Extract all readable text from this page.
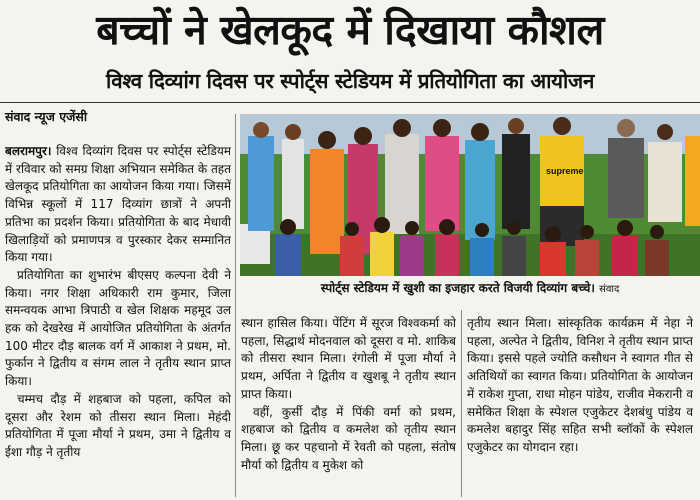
बच्चों ने खेलकूद में दिखाया कौशल
विश्व दिव्यांग दिवस पर स्पोर्ट्स स्टेडियम में प्रतियोगिता का आयोजन
संवाद न्यूज एजेंसी

बलरामपुर। विश्व दिव्यांग दिवस पर स्पोर्ट्स स्टेडियम में रविवार को समग्र शिक्षा अभियान समेकित के तहत खेलकूद प्रतियोगिता का आयोजन किया गया। जिसमें विभिन्न स्कूलों में 117 दिव्यांग छात्रों ने अपनी प्रतिभा का प्रदर्शन किया। प्रतियोगिता के बाद मेधावी खिलाड़ियों को प्रमाणपत्र व पुरस्कार देकर सम्मानित किया गया।

प्रतियोगिता का शुभारंभ बीएसए कल्पना देवी ने किया। नगर शिक्षा अधिकारी राम कुमार, जिला समन्वयक आभा त्रिपाठी व खेल शिक्षक महमूद उल हक को देखरेख में आयोजित प्रतियोगिता के अंतर्गत 100 मीटर दौड़ बालक वर्ग में आकाश ने प्रथम, मो. फुर्कान ने द्वितीय व संगम लाल ने तृतीय स्थान प्राप्त किया।

चम्मच दौड़ में शहबाज को पहला, कपिल को दूसरा और रेशम को तीसरा स्थान मिला। मेहंदी प्रतियोगिता में पूजा मौर्या ने प्रथम, उमा ने द्वितीय व ईशा गौड़ ने तृतीय

supreme
स्पोर्ट्स स्टेडियम में खुशी का इजहार करते विजयी दिव्यांग बच्चे। संवाद

स्थान हासिल किया। पेंटिंग में सूरज विश्वकर्मा को पहला, सिद्धार्थ मोदनवाल को दूसरा व मो. शाकिब को तीसरा स्थान मिला। रंगोली में पूजा मौर्या ने प्रथम, अर्पिता ने द्वितीय व खुशबू ने तृतीय स्थान प्राप्त किया।

वहीं, कुर्सी दौड़ में पिंकी वर्मा को प्रथम, शहबाज को द्वितीय व कमलेश को तृतीय स्थान मिला। छू कर पहचानो में रेवती को पहला, संतोष मौर्या को द्वितीय व मुकेश को

तृतीय स्थान मिला। सांस्कृतिक कार्यक्रम में नेहा ने पहला, अल्पेत ने द्वितीय, विनिश ने तृतीय स्थान प्राप्त किया। इससे पहले ज्योति कसौधन ने स्वागत गीत से अतिथियों का स्वागत किया। प्रतियोगिता के आयोजन में राकेश गुप्ता, राधा मोहन पांडेय, राजीव मेकरानी व समेकित शिक्षा के स्पेशल एजुकेटर देशबंधु पांडेय व कमलेश बहादुर सिंह सहित सभी ब्लॉकों के स्पेशल एजुकेटर का योगदान रहा।
